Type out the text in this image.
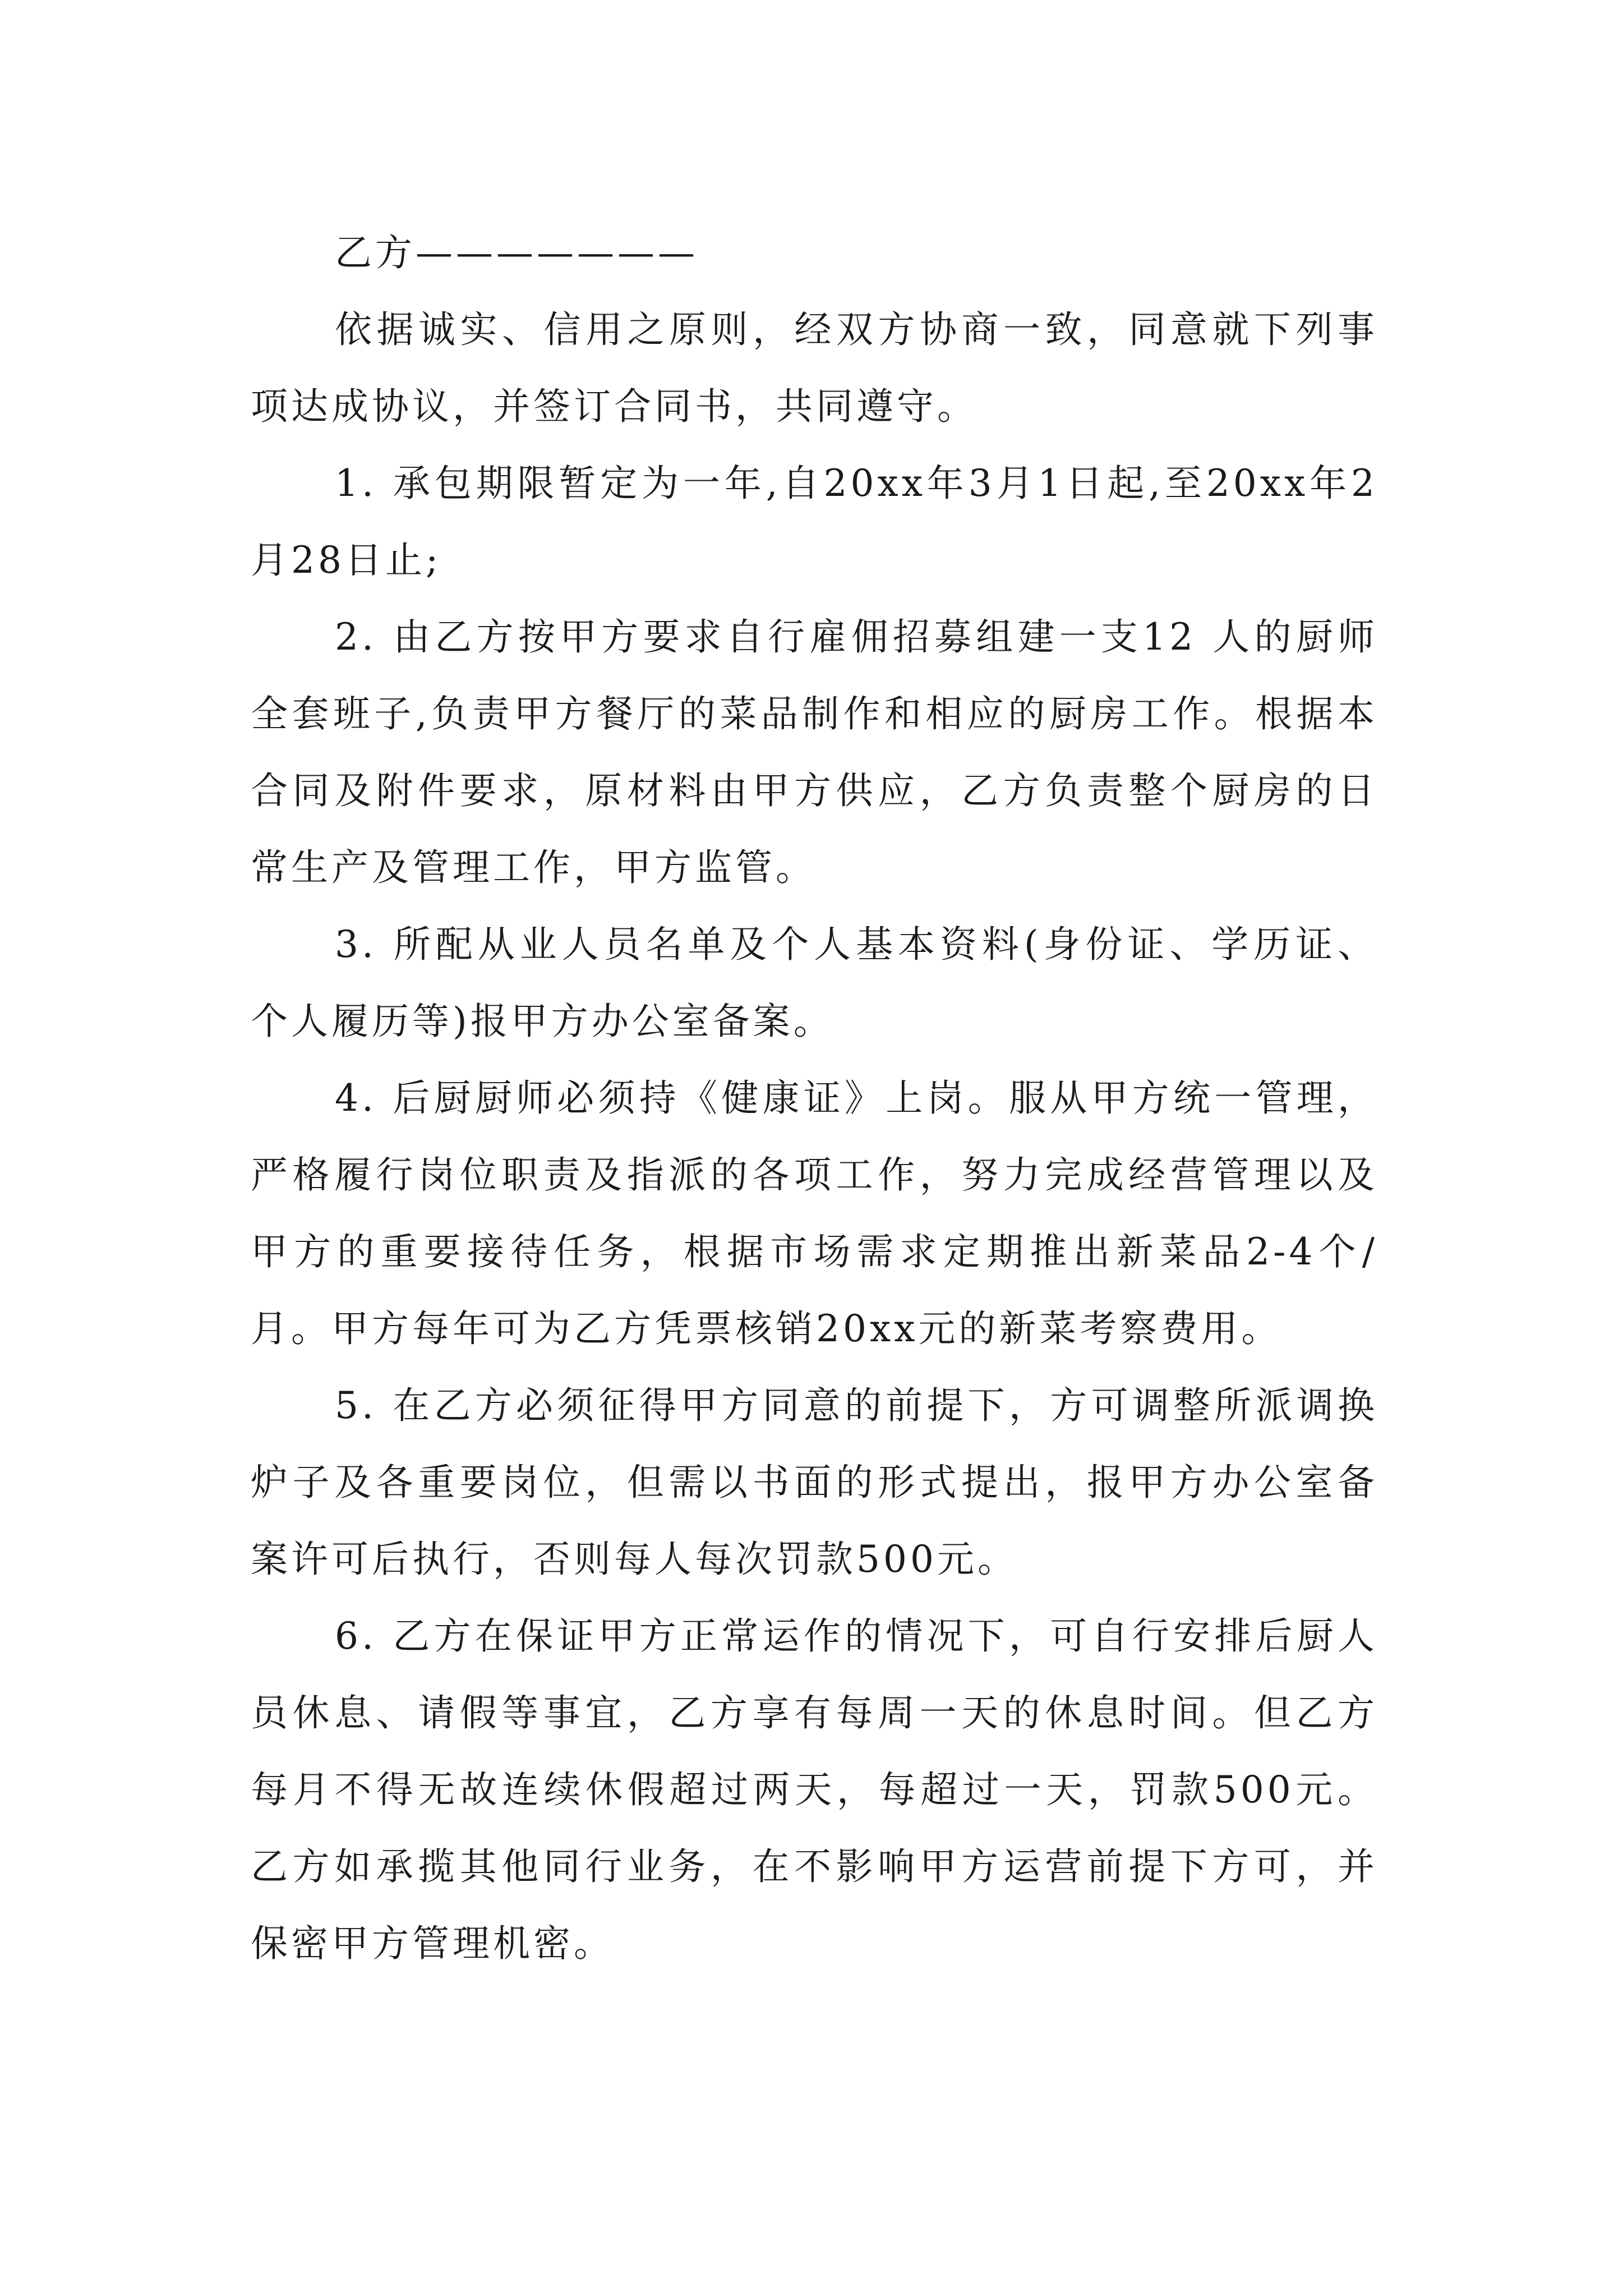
乙方———————

依据诚实、信用之原则，经双方协商一致，同意就下列事项达成协议，并签订合同书，共同遵守。

1. 承包期限暂定为一年,自20xx年3月1日起,至20xx年2月28日止;

2. 由乙方按甲方要求自行雇佣招募组建一支12 人的厨师全套班子,负责甲方餐厅的菜品制作和相应的厨房工作。根据本合同及附件要求，原材料由甲方供应，乙方负责整个厨房的日常生产及管理工作，甲方监管。

3. 所配从业人员名单及个人基本资料(身份证、学历证、个人履历等)报甲方办公室备案。

4. 后厨厨师必须持《健康证》上岗。服从甲方统一管理，严格履行岗位职责及指派的各项工作，努力完成经营管理以及甲方的重要接待任务，根据市场需求定期推出新菜品2-4个/月。甲方每年可为乙方凭票核销20xx元的新菜考察费用。

5. 在乙方必须征得甲方同意的前提下，方可调整所派调换炉子及各重要岗位，但需以书面的形式提出，报甲方办公室备案许可后执行，否则每人每次罚款500元。

6. 乙方在保证甲方正常运作的情况下，可自行安排后厨人员休息、请假等事宜，乙方享有每周一天的休息时间。但乙方每月不得无故连续休假超过两天，每超过一天，罚款500元。乙方如承揽其他同行业务，在不影响甲方运营前提下方可，并保密甲方管理机密。
